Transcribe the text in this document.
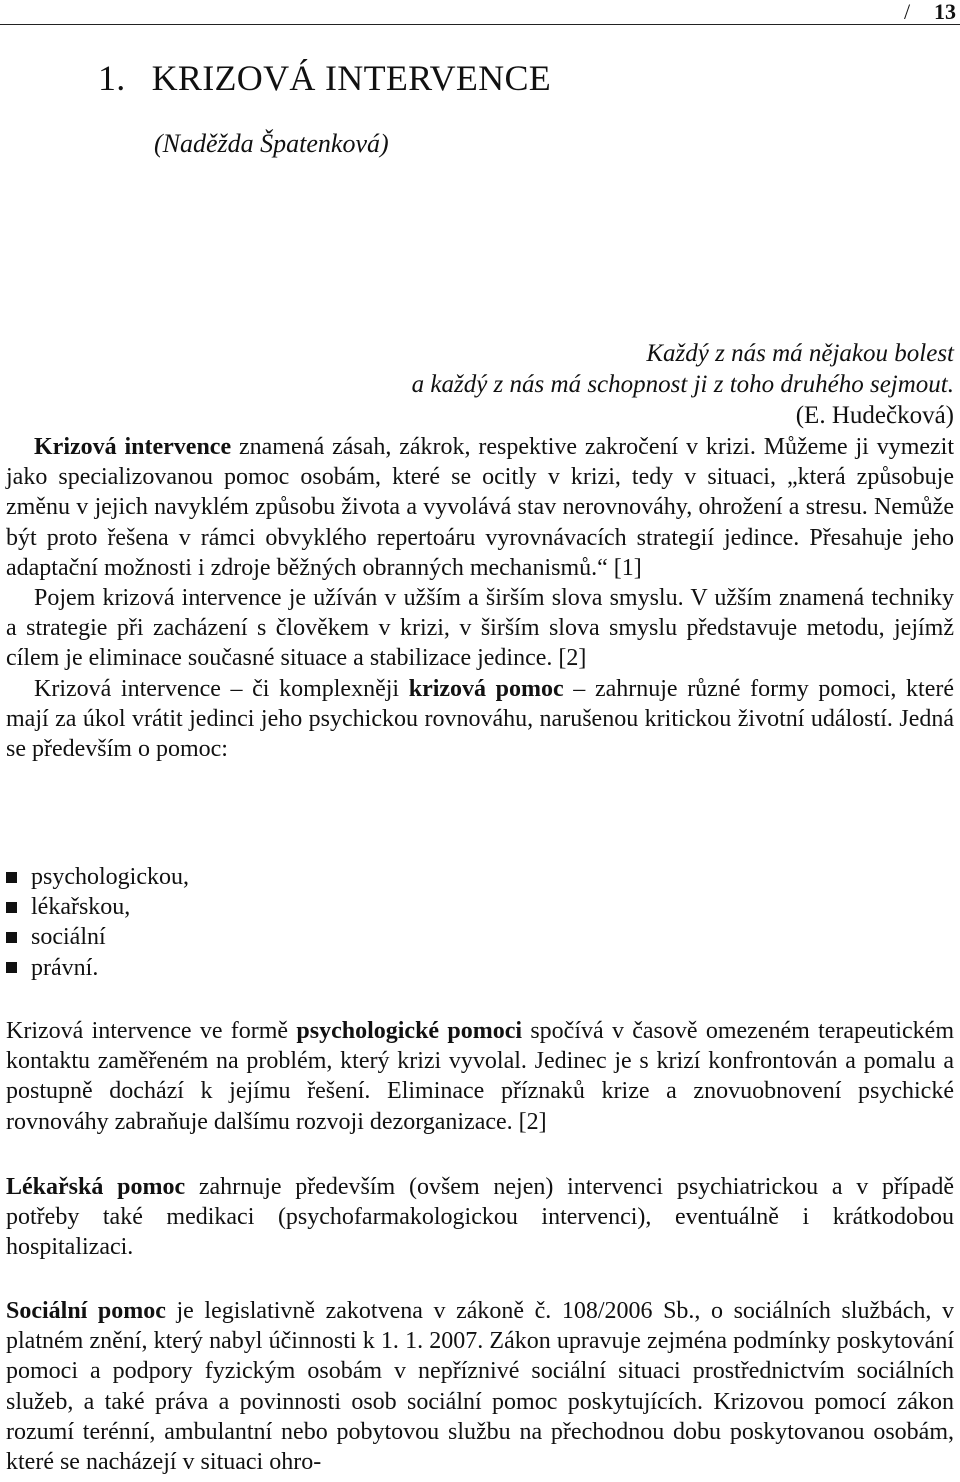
/ 13
1. KRIZOVÁ INTERVENCE
(Naděžda Špatenková)
Každý z nás má nějakou bolest
a každý z nás má schopnost ji z toho druhého sejmout.
(E. Hudečková)

Krizová intervence znamená zásah, zákrok, respektive zakročení v krizi. Můžeme ji vymezit jako specializovanou pomoc osobám, které se ocitly v krizi, tedy v situaci, „která způsobuje změnu v jejich navyklém způsobu života a vyvolává stav nerovnováhy, ohrožení a stresu. Nemůže být proto řešena v rámci obvyklého repertoáru vyrovnávacích strategií jedince. Přesahuje jeho adaptační možnosti i zdroje běžných obranných mechanismů.“ [1]

Pojem krizová intervence je užíván v užším a širším slova smyslu. V užším znamená techniky a strategie při zacházení s člověkem v krizi, v širším slova smyslu představuje metodu, jejímž cílem je eliminace současné situace a stabilizace jedince. [2]

Krizová intervence – či komplexněji krizová pomoc – zahrnuje různé formy pomoci, které mají za úkol vrátit jedinci jeho psychickou rovnováhu, narušenou kritickou životní událostí. Jedná se především o pomoc:

psychologickou,
lékařskou,
sociální
právní.

Krizová intervence ve formě psychologické pomoci spočívá v časově omezeném terapeutickém kontaktu zaměřeném na problém, který krizi vyvolal. Jedinec je s krizí konfrontován a pomalu a postupně dochází k jejímu řešení. Eliminace příznaků krize a znovuobnovení psychické rovnováhy zabraňuje dalšímu rozvoji dezorganizace. [2]

Lékařská pomoc zahrnuje především (ovšem nejen) intervenci psychiatrickou a v případě potřeby také medikaci (psychofarmakologickou intervenci), eventuálně i krátkodobou hospitalizaci.

Sociální pomoc je legislativně zakotvena v zákoně č. 108/2006 Sb., o sociálních službách, v platném znění, který nabyl účinnosti k 1. 1. 2007. Zákon upravuje zejména podmínky poskytování pomoci a podpory fyzickým osobám v nepříznivé sociální situaci prostřednictvím sociálních služeb, a také práva a povinnosti osob sociální pomoc poskytujících. Krizovou pomocí zákon rozumí terénní, ambulantní nebo pobytovou službu na přechodnou dobu poskytovanou osobám, které se nacházejí v situaci ohro-
